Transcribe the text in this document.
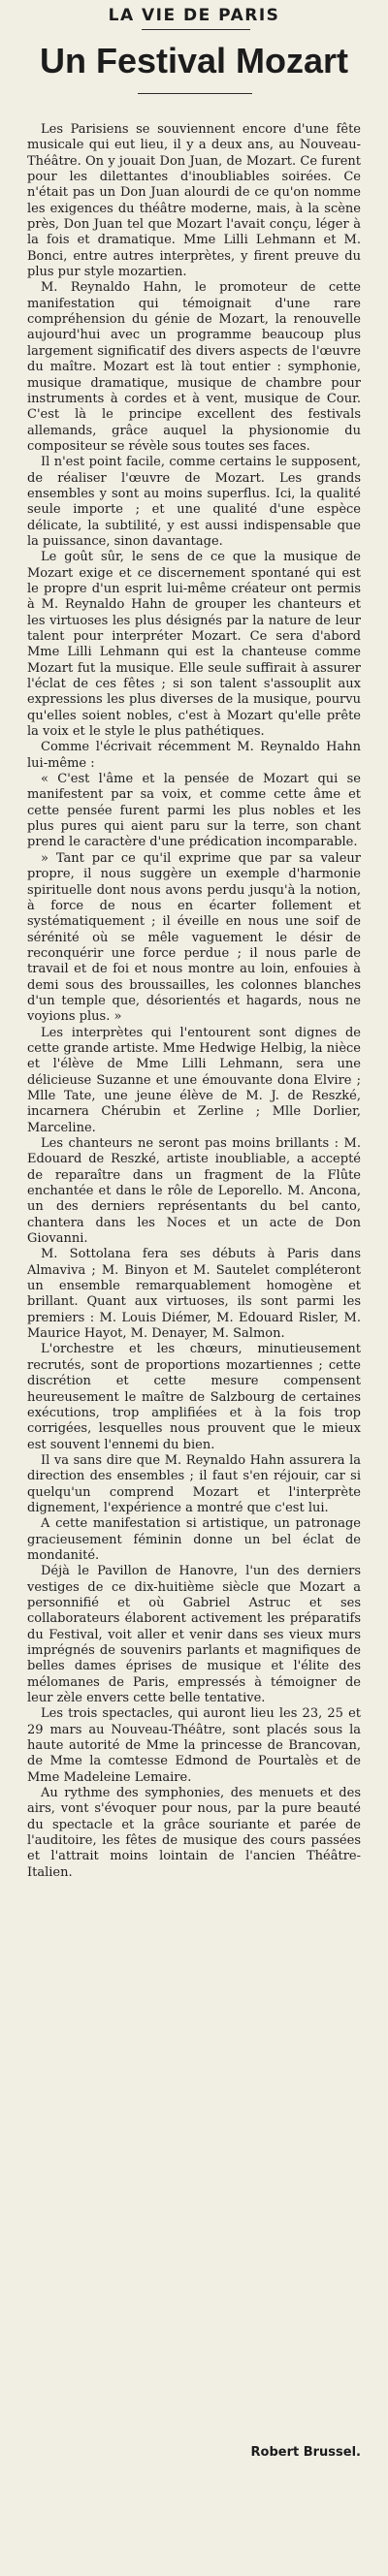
LA VIE DE PARIS
Un Festival Mozart

Les Parisiens se souviennent encore d'une fête musicale qui eut lieu, il y a deux ans, au Nouveau-Théâtre. On y jouait Don Juan, de Mozart. Ce furent pour les dilettantes d'inoubliables soirées. Ce n'était pas un Don Juan alourdi de ce qu'on nomme les exigences du théâtre moderne, mais, à la scène près, Don Juan tel que Mozart l'avait conçu, léger à la fois et dramatique. Mme Lilli Lehmann et M. Bonci, entre autres interprètes, y firent preuve du plus pur style mozartien.

M. Reynaldo Hahn, le promoteur de cette manifestation qui témoignait d'une rare compréhension du génie de Mozart, la renouvelle aujourd'hui avec un programme beaucoup plus largement significatif des divers aspects de l'œuvre du maître. Mozart est là tout entier : symphonie, musique dramatique, musique de chambre pour instruments à cordes et à vent, musique de Cour. C'est là le principe excellent des festivals allemands, grâce auquel la physionomie du compositeur se révèle sous toutes ses faces.

Il n'est point facile, comme certains le supposent, de réaliser l'œuvre de Mozart. Les grands ensembles y sont au moins superflus. Ici, la qualité seule importe ; et une qualité d'une espèce délicate, la subtilité, y est aussi indispensable que la puissance, sinon davantage.

Le goût sûr, le sens de ce que la musique de Mozart exige et ce discernement spontané qui est le propre d'un esprit lui-même créateur ont permis à M. Reynaldo Hahn de grouper les chanteurs et les virtuoses les plus désignés par la nature de leur talent pour interpréter Mozart. Ce sera d'abord Mme Lilli Lehmann qui est la chanteuse comme Mozart fut la musique. Elle seule suffirait à assurer l'éclat de ces fêtes ; si son talent s'assouplit aux expressions les plus diverses de la musique, pourvu qu'elles soient nobles, c'est à Mozart qu'elle prête la voix et le style le plus pathétiques.

Comme l'écrivait récemment M. Reynaldo Hahn lui-même :

« C'est l'âme et la pensée de Mozart qui se manifestent par sa voix, et comme cette âme et cette pensée furent parmi les plus nobles et les plus pures qui aient paru sur la terre, son chant prend le caractère d'une prédication incomparable.

» Tant par ce qu'il exprime que par sa valeur propre, il nous suggère un exemple d'harmonie spirituelle dont nous avons perdu jusqu'à la notion, à force de nous en écarter follement et systématiquement ; il éveille en nous une soif de sérénité où se mêle vaguement le désir de reconquérir une force perdue ; il nous parle de travail et de foi et nous montre au loin, enfouies à demi sous des broussailles, les colonnes blanches d'un temple que, désorientés et hagards, nous ne voyions plus. »

Les interprètes qui l'entourent sont dignes de cette grande artiste. Mme Hedwige Helbig, la nièce et l'élève de Mme Lilli Lehmann, sera une délicieuse Suzanne et une émouvante dona Elvire ; Mlle Tate, une jeune élève de M. J. de Reszké, incarnera Chérubin et Zerline ; Mlle Dorlier, Marceline.

Les chanteurs ne seront pas moins brillants : M. Edouard de Reszké, artiste inoubliable, a accepté de reparaître dans un fragment de la Flûte enchantée et dans le rôle de Leporello. M. Ancona, un des derniers représentants du bel canto, chantera dans les Noces et un acte de Don Giovanni.

M. Sottolana fera ses débuts à Paris dans Almaviva ; M. Binyon et M. Sautelet compléteront un ensemble remarquablement homogène et brillant. Quant aux virtuoses, ils sont parmi les premiers : M. Louis Diémer, M. Edouard Risler, M. Maurice Hayot, M. Denayer, M. Salmon.

L'orchestre et les chœurs, minutieusement recrutés, sont de proportions mozartiennes ; cette discrétion et cette mesure compensent heureusement le maître de Salzbourg de certaines exécutions, trop amplifiées et à la fois trop corrigées, lesquelles nous prouvent que le mieux est souvent l'ennemi du bien.

Il va sans dire que M. Reynaldo Hahn assurera la direction des ensembles ; il faut s'en réjouir, car si quelqu'un comprend Mozart et l'interprète dignement, l'expérience a montré que c'est lui.

A cette manifestation si artistique, un patronage gracieusement féminin donne un bel éclat de mondanité.

Déjà le Pavillon de Hanovre, l'un des derniers vestiges de ce dix-huitième siècle que Mozart a personnifié et où Gabriel Astruc et ses collaborateurs élaborent activement les préparatifs du Festival, voit aller et venir dans ses vieux murs imprégnés de souvenirs parlants et magnifiques de belles dames éprises de musique et l'élite des mélomanes de Paris, empressés à témoigner de leur zèle envers cette belle tentative.

Les trois spectacles, qui auront lieu les 23, 25 et 29 mars au Nouveau-Théâtre, sont placés sous la haute autorité de Mme la princesse de Brancovan, de Mme la comtesse Edmond de Pourtalès et de Mme Madeleine Lemaire.

Au rythme des symphonies, des menuets et des airs, vont s'évoquer pour nous, par la pure beauté du spectacle et la grâce souriante et parée de l'auditoire, les fêtes de musique des cours passées et l'attrait moins lointain de l'ancien Théâtre-Italien.

Robert Brussel.
